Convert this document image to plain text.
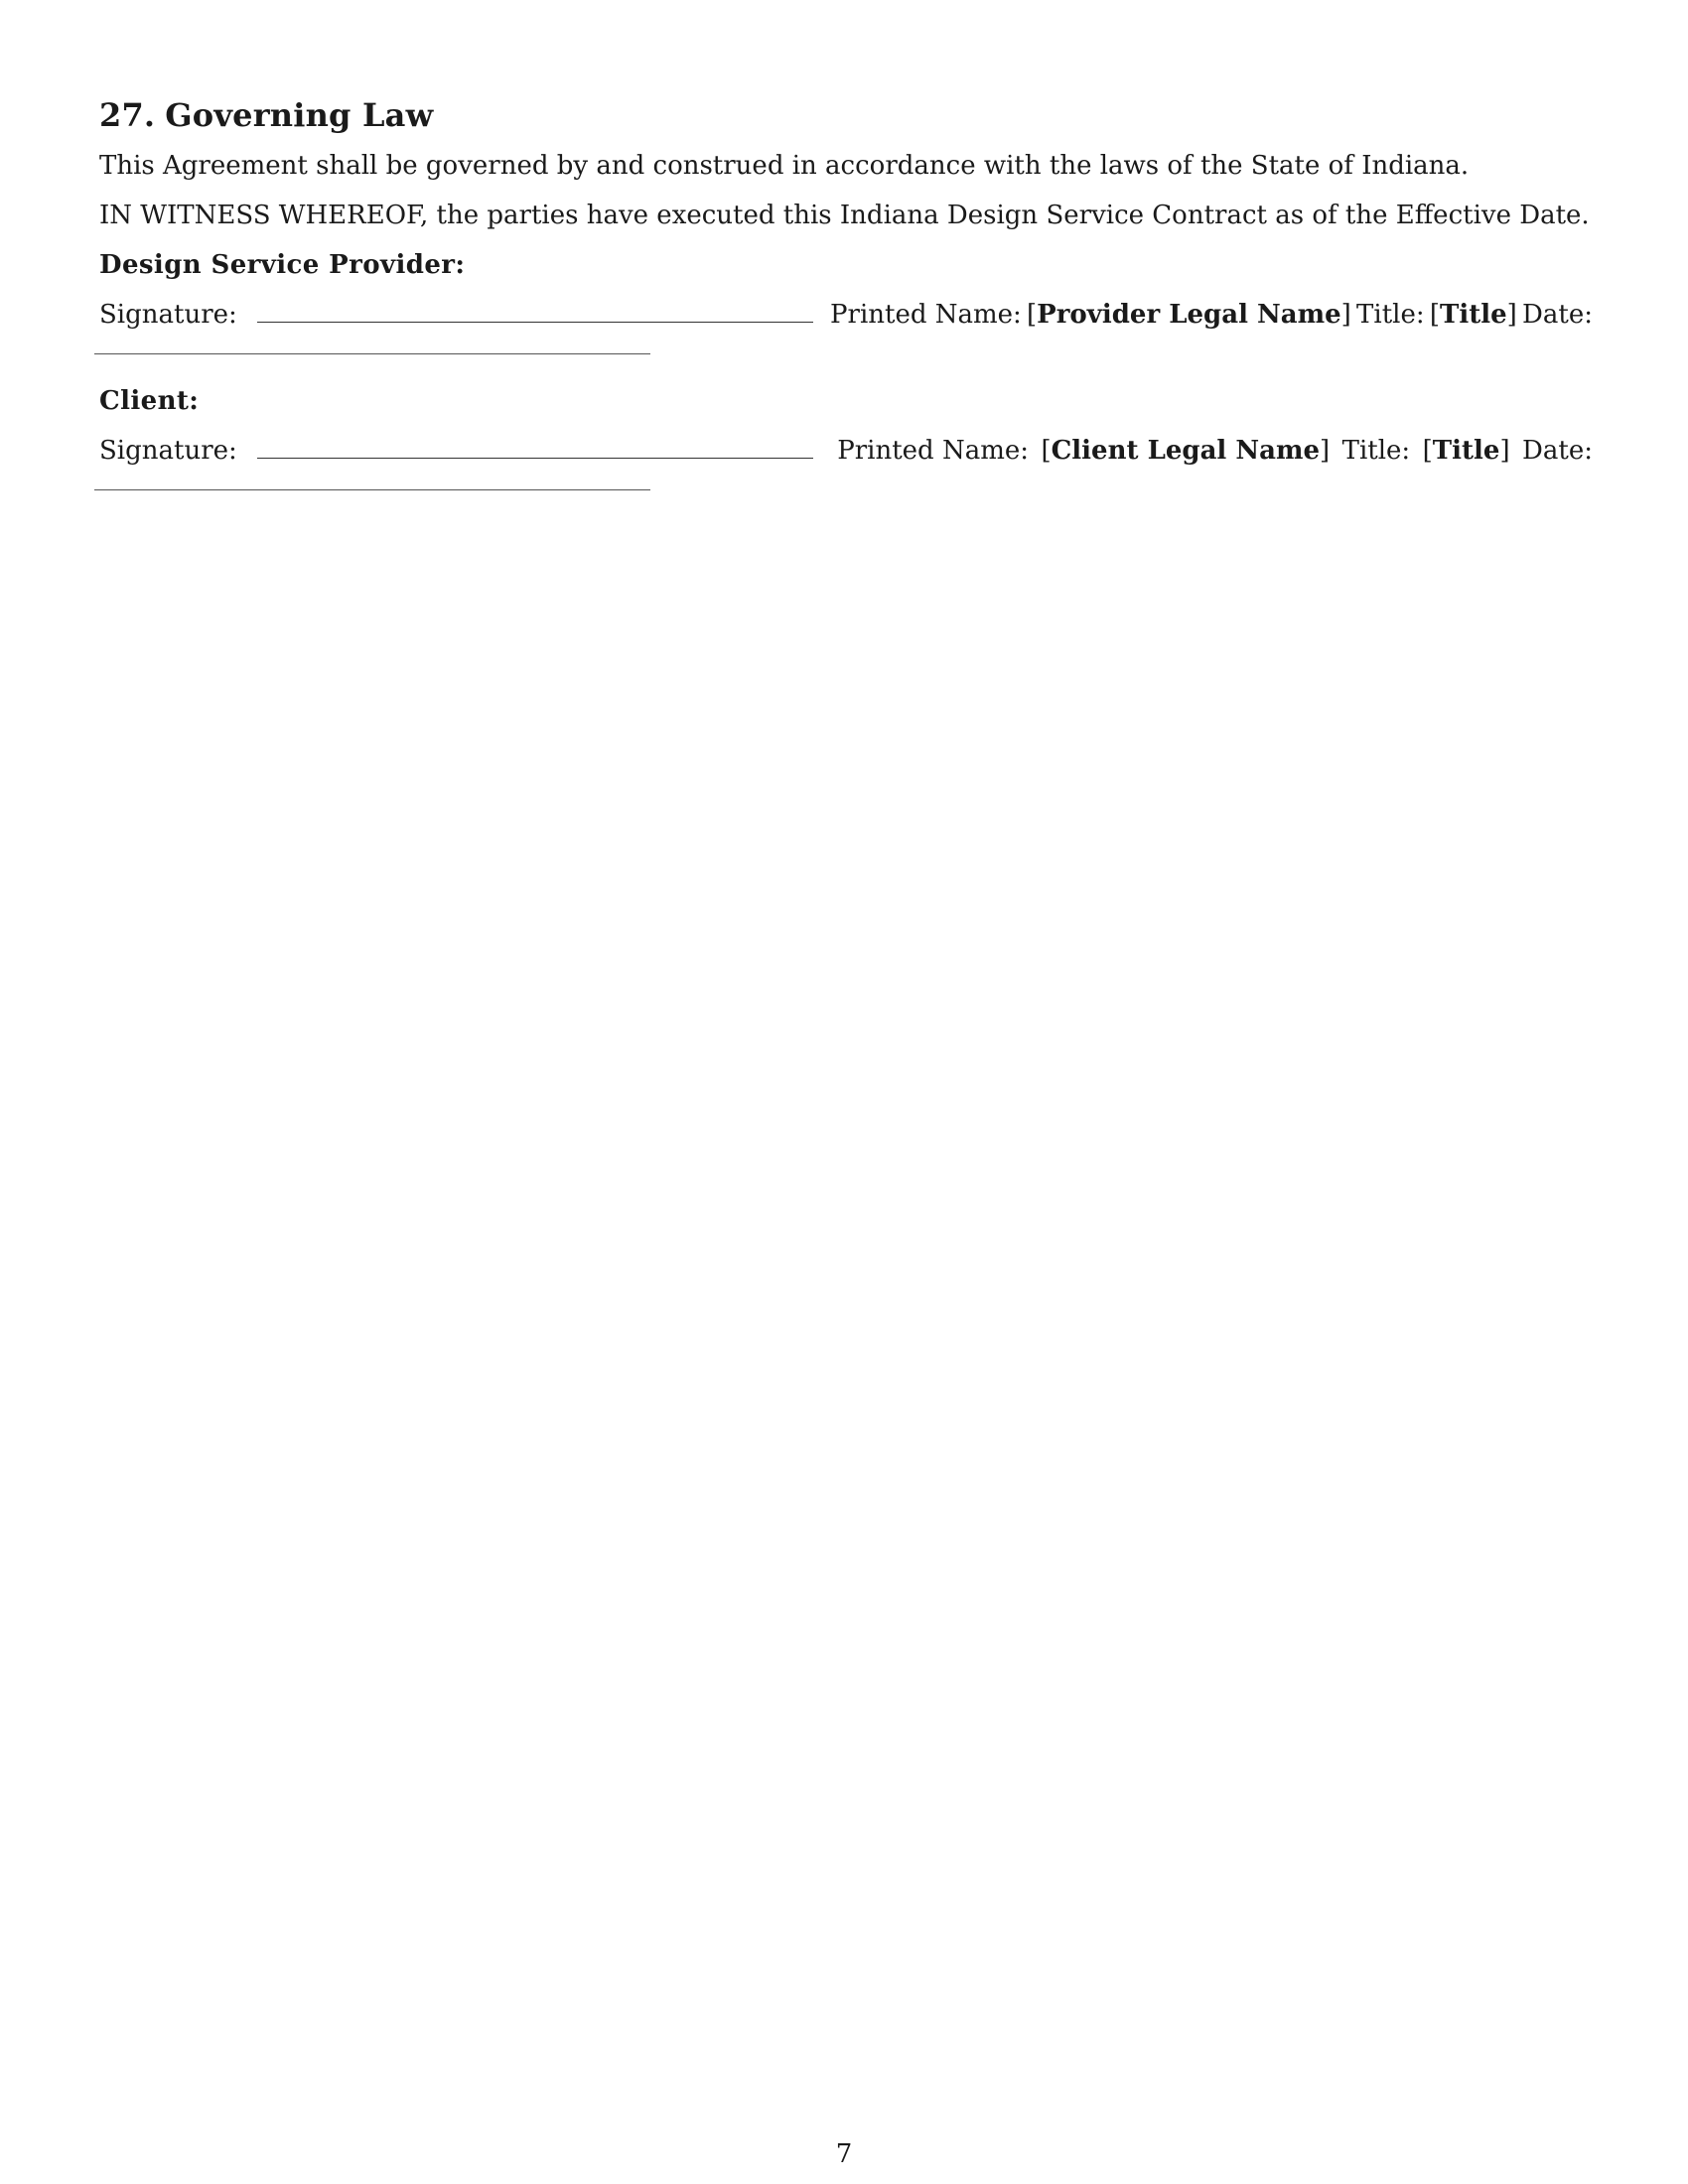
27. Governing Law

This Agreement shall be governed by and construed in accordance with the laws of the State of Indiana.

IN WITNESS WHEREOF, the parties have executed this Indiana Design Service Contract as of the Effective Date.

Design Service Provider:

Signature:	Printed Name: [ Provider Legal Name ] Title: [ Title ] Date:

Client:

Signature:	Printed Name: [ Client Legal Name ] Title: [ Title ] Date:
7
